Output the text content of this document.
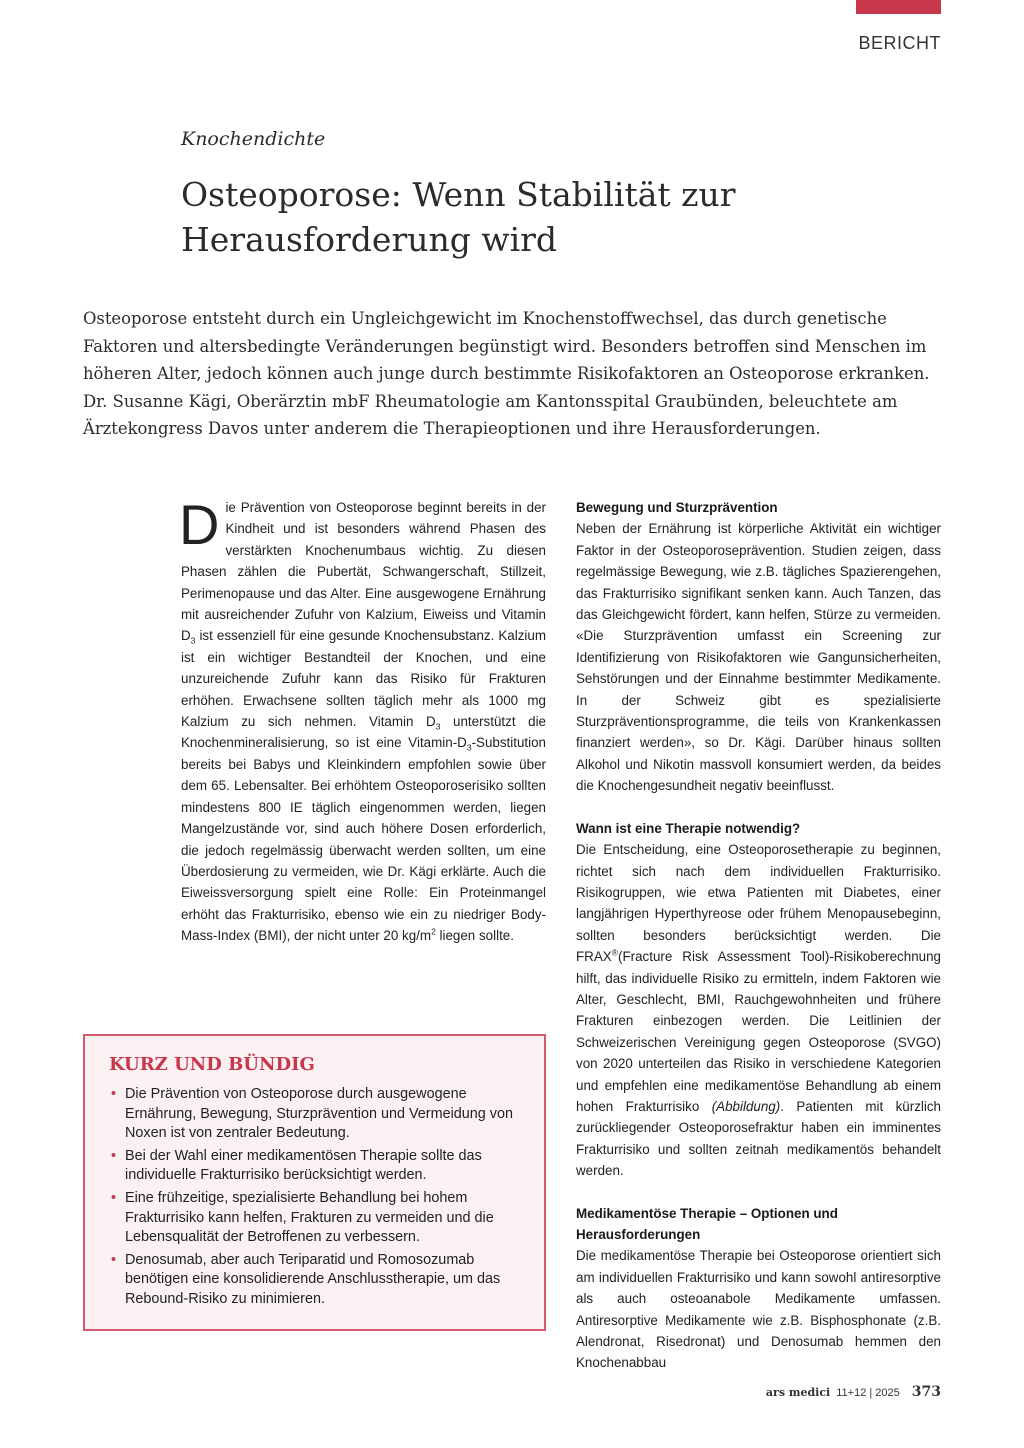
BERICHT
Knochendichte
Osteoporose: Wenn Stabilität zur Herausforderung wird

Osteoporose entsteht durch ein Ungleichgewicht im Knochenstoffwechsel, das durch genetische Faktoren und altersbedingte Veränderungen begünstigt wird. Besonders betroffen sind Menschen im höheren Alter, jedoch können auch junge durch bestimmte Risikofaktoren an Osteoporose erkranken. Dr. Susanne Kägi, Oberärztin mbF Rheumatologie am Kantonsspital Graubünden, beleuchtete am Ärztekongress Davos unter anderem die Therapieoptionen und ihre Herausforderungen.

Die Prävention von Osteoporose beginnt bereits in der Kindheit und ist besonders während Phasen des verstärkten Knochenumbaus wichtig. Zu diesen Phasen zählen die Pubertät, Schwangerschaft, Stillzeit, Perimenopause und das Alter. Eine ausgewogene Ernährung mit ausreichender Zufuhr von Kalzium, Eiweiss und Vitamin $D_3$ ist essenziell für eine gesunde Knochensubstanz. Kalzium ist ein wichtiger Bestandteil der Knochen, und eine unzureichende Zufuhr kann das Risiko für Frakturen erhöhen. Erwachsene sollten täglich mehr als 1000 mg Kalzium zu sich nehmen. Vitamin $D_3$ unterstützt die Knochenmineralisierung, so ist eine Vitamin-$D_3$-Substitution bereits bei Babys und Kleinkindern empfohlen sowie über dem 65. Lebensalter. Bei erhöhtem Osteoporoserisiko sollten mindestens 800 IE täglich eingenommen werden, liegen Mangelzustände vor, sind auch höhere Dosen erforderlich, die jedoch regelmässig überwacht werden sollten, um eine Überdosierung zu vermeiden, wie Dr. Kägi erklärte. Auch die Eiweissversorgung spielt eine Rolle: Ein Proteinmangel erhöht das Frakturrisiko, ebenso wie ein zu niedriger Body-Mass-Index (BMI), der nicht unter 20 $kg/m^2$ liegen sollte.

KURZ UND BÜNDIG
• Die Prävention von Osteoporose durch ausgewogene Ernährung, Bewegung, Sturzprävention und Vermeidung von Noxen ist von zentraler Bedeutung.
• Bei der Wahl einer medikamentösen Therapie sollte das individuelle Frakturrisiko berücksichtigt werden.
• Eine frühzeitige, spezialisierte Behandlung bei hohem Frakturrisiko kann helfen, Frakturen zu vermeiden und die Lebensqualität der Betroffenen zu verbessern.
• Denosumab, aber auch Teriparatid und Romosozumab benötigen eine konsolidierende Anschlusstherapie, um das Rebound-Risiko zu minimieren.

Bewegung und Sturzprävention

Neben der Ernährung ist körperliche Aktivität ein wichtiger Faktor in der Osteoporoseprävention. Studien zeigen, dass regelmässige Bewegung, wie z.B. tägliches Spazierengehen, das Frakturrisiko signifikant senken kann. Auch Tanzen, das das Gleichgewicht fördert, kann helfen, Stürze zu vermeiden. «Die Sturzprävention umfasst ein Screening zur Identifizierung von Risikofaktoren wie Gangunsicherheiten, Sehstörungen und der Einnahme bestimmter Medikamente. In der Schweiz gibt es spezialisierte Sturzpräventionsprogramme, die teils von Krankenkassen finanziert werden», so Dr. Kägi. Darüber hinaus sollten Alkohol und Nikotin massvoll konsumiert werden, da beides die Knochengesundheit negativ beeinflusst.

Wann ist eine Therapie notwendig?

Die Entscheidung, eine Osteoporosetherapie zu beginnen, richtet sich nach dem individuellen Frakturrisiko. Risikogruppen, wie etwa Patienten mit Diabetes, einer langjährigen Hyperthyreose oder frühem Menopausebeginn, sollten besonders berücksichtigt werden. Die FRAX®(Fracture Risk Assessment Tool)-Risikoberechnung hilft, das individuelle Risiko zu ermitteln, indem Faktoren wie Alter, Geschlecht, BMI, Rauchgewohnheiten und frühere Frakturen einbezogen werden. Die Leitlinien der Schweizerischen Vereinigung gegen Osteoporose (SVGO) von 2020 unterteilen das Risiko in verschiedene Kategorien und empfehlen eine medikamentöse Behandlung ab einem hohen Frakturrisiko (Abbildung). Patienten mit kürzlich zurückliegender Osteoporosefraktur haben ein imminentes Frakturrisiko und sollten zeitnah medikamentös behandelt werden.

Medikamentöse Therapie – Optionen und Herausforderungen

Die medikamentöse Therapie bei Osteoporose orientiert sich am individuellen Frakturrisiko und kann sowohl antiresorptive als auch osteoanabole Medikamente umfassen. Antiresorptive Medikamente wie z.B. Bisphosphonate (z.B. Alendronat, Risedronat) und Denosumab hemmen den Knochenabbau

ars medici 11+12 | 2025 373
